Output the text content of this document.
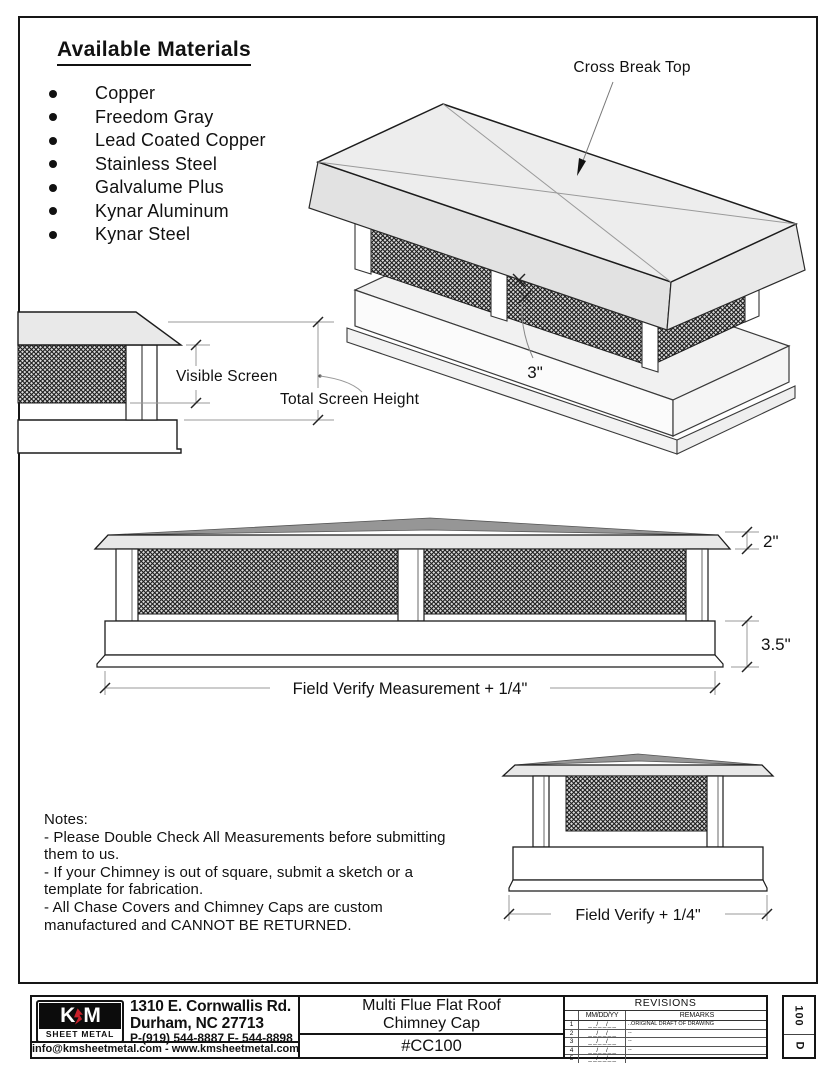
Available Materials
Copper
Freedom Gray
Lead Coated Copper
Stainless Steel
Galvalume Plus
Kynar Aluminum
Kynar Steel
Cross Break Top
3"
Visible Screen
Total Screen Height
2"
3.5"
Field Verify Measurement + 1/4"
Field Verify + 1/4"
Notes:
- Please Double Check All Measurements before submitting
them to us.
- If your Chimney is out of square, submit a sketch or a
template for fabrication.
- All Chase Covers and Chimney Caps are custom
manufactured and CANNOT BE RETURNED.
K M
SHEET METAL
1310 E. Cornwallis Rd.
Durham, NC 27713
P-(919) 544-8887 F- 544-8898
info@kmsheetmetal.com - www.kmsheetmetal.com
Multi Flue Flat Roof
Chimney Cap
#CC100
REVISIONS
MM/DD/YY	REMARKS
1	_ _/_ _/_ _	..ORIGINAL DRAFT OF DRAWING
2	_ _/_ _/_ _	--
3	_ _/_ _/_ _	--
4	_ _/_ _/_ _	--
5	_ _/_ _/_ _	--
100
D
